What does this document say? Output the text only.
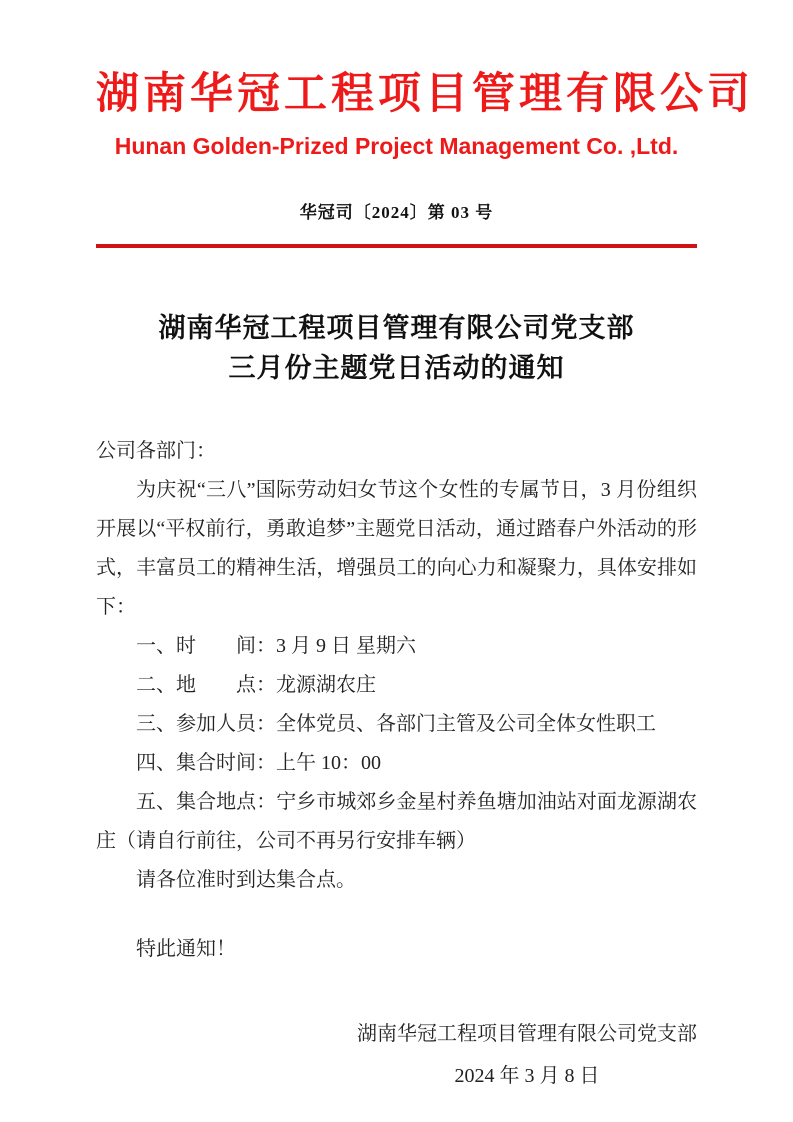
湖南华冠工程项目管理有限公司
Hunan Golden-Prized Project Management Co. ,Ltd.
华冠司〔2024〕第 03 号
湖南华冠工程项目管理有限公司党支部
三月份主题党日活动的通知
公司各部门：
为庆祝“三八”国际劳动妇女节这个女性的专属节日，3 月份组织开展以“平权前行，勇敢追梦”主题党日活动，通过踏春户外活动的形式，丰富员工的精神生活，增强员工的向心力和凝聚力，具体安排如下：
一、时　　间：3 月 9 日 星期六
二、地　　点：龙源湖农庄
三、参加人员：全体党员、各部门主管及公司全体女性职工
四、集合时间：上午 10：00
五、集合地点：宁乡市城郊乡金星村养鱼塘加油站对面龙源湖农庄（请自行前往，公司不再另行安排车辆）
请各位准时到达集合点。
特此通知！
湖南华冠工程项目管理有限公司党支部
2024 年 3 月 8 日
